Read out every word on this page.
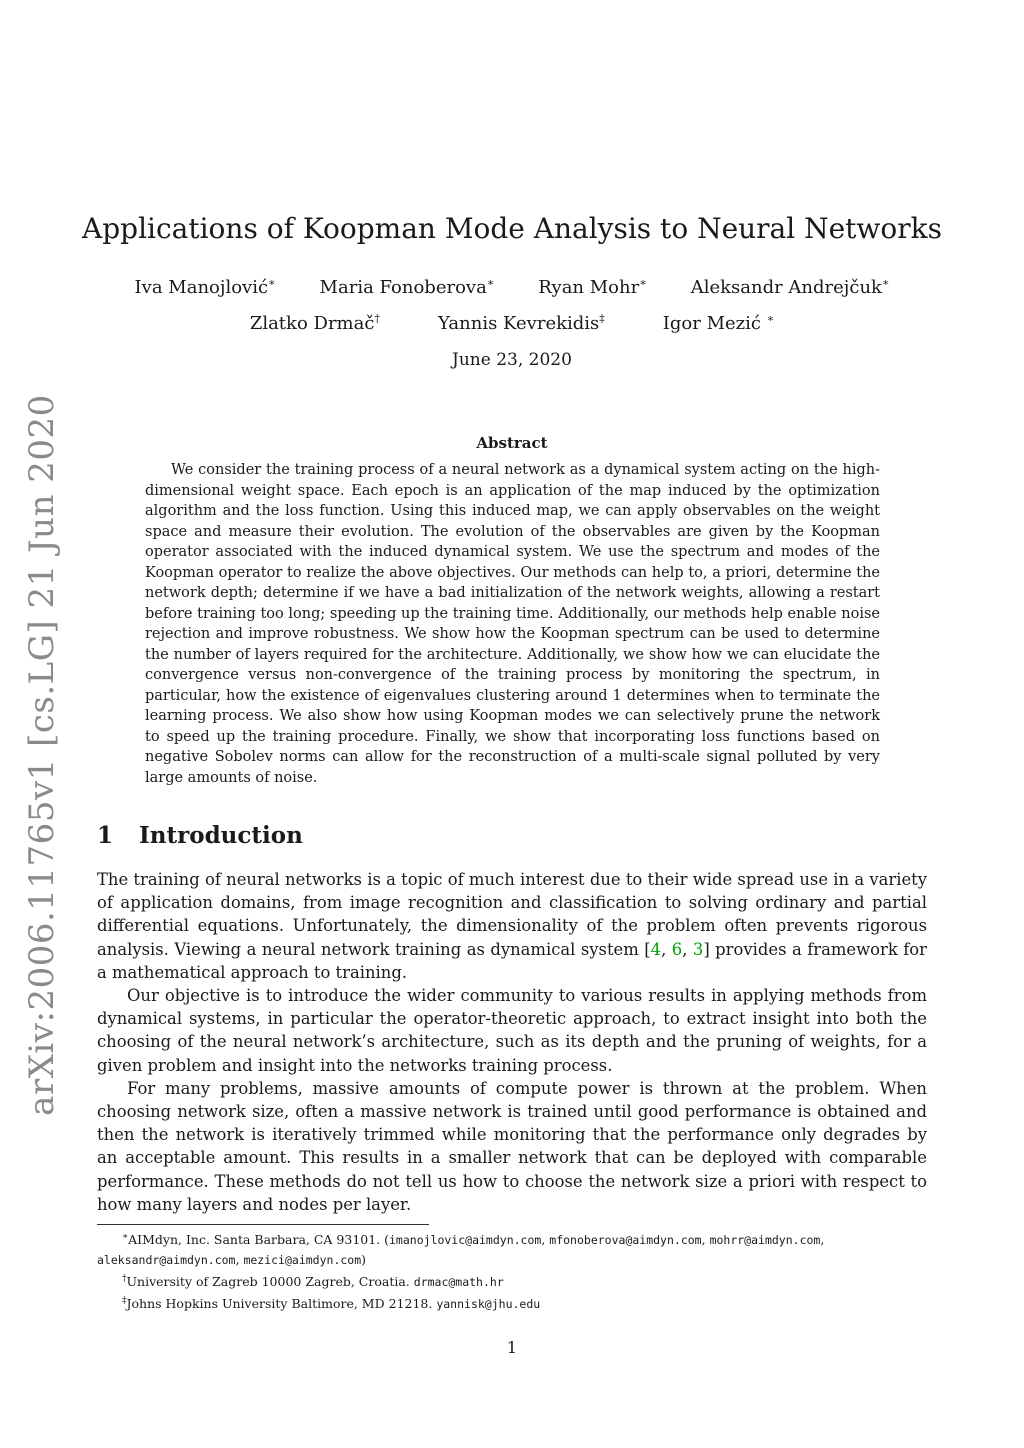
arXiv:2006.11765v1 [cs.LG] 21 Jun 2020
Applications of Koopman Mode Analysis to Neural Networks
Iva Manojlović∗ Maria Fonoberova∗ Ryan Mohr∗ Aleksandr Andrejčuk∗
Zlatko Drmač†	Yannis Kevrekidis‡	Igor Mezić ∗
June 23, 2020
Abstract

We consider the training process of a neural network as a dynamical system acting on the high-dimensional weight space. Each epoch is an application of the map induced by the optimization algorithm and the loss function. Using this induced map, we can apply observables on the weight space and measure their evolution. The evolution of the observables are given by the Koopman operator associated with the induced dynamical system. We use the spectrum and modes of the Koopman operator to realize the above objectives. Our methods can help to, a priori, determine the network depth; determine if we have a bad initialization of the network weights, allowing a restart before training too long; speeding up the training time. Additionally, our methods help enable noise rejection and improve robustness. We show how the Koopman spectrum can be used to determine the number of layers required for the architecture. Additionally, we show how we can elucidate the convergence versus non-convergence of the training process by monitoring the spectrum, in particular, how the existence of eigenvalues clustering around 1 determines when to terminate the learning process. We also show how using Koopman modes we can selectively prune the network to speed up the training procedure. Finally, we show that incorporating loss functions based on negative Sobolev norms can allow for the reconstruction of a multi-scale signal polluted by very large amounts of noise.

1 Introduction

The training of neural networks is a topic of much interest due to their wide spread use in a variety of application domains, from image recognition and classification to solving ordinary and partial differential equations. Unfortunately, the dimensionality of the problem often prevents rigorous analysis. Viewing a neural network training as dynamical system [4, 6, 3] provides a framework for a mathematical approach to training.

Our objective is to introduce the wider community to various results in applying methods from dynamical systems, in particular the operator-theoretic approach, to extract insight into both the choosing of the neural network’s architecture, such as its depth and the pruning of weights, for a given problem and insight into the networks training process.

For many problems, massive amounts of compute power is thrown at the problem. When choosing network size, often a massive network is trained until good performance is obtained and then the network is iteratively trimmed while monitoring that the performance only degrades by an acceptable amount. This results in a smaller network that can be deployed with comparable performance. These methods do not tell us how to choose the network size a priori with respect to how many layers and nodes per layer.

  ∗AIMdyn, Inc. Santa Barbara, CA 93101. (imanojlovic@aimdyn.com, mfonoberova@aimdyn.com, mohrr@aimdyn.com,
aleksandr@aimdyn.com, mezici@aimdyn.com)

  †University of Zagreb 10000 Zagreb, Croatia. drmac@math.hr

  ‡Johns Hopkins University Baltimore, MD 21218. yannisk@jhu.edu

1
